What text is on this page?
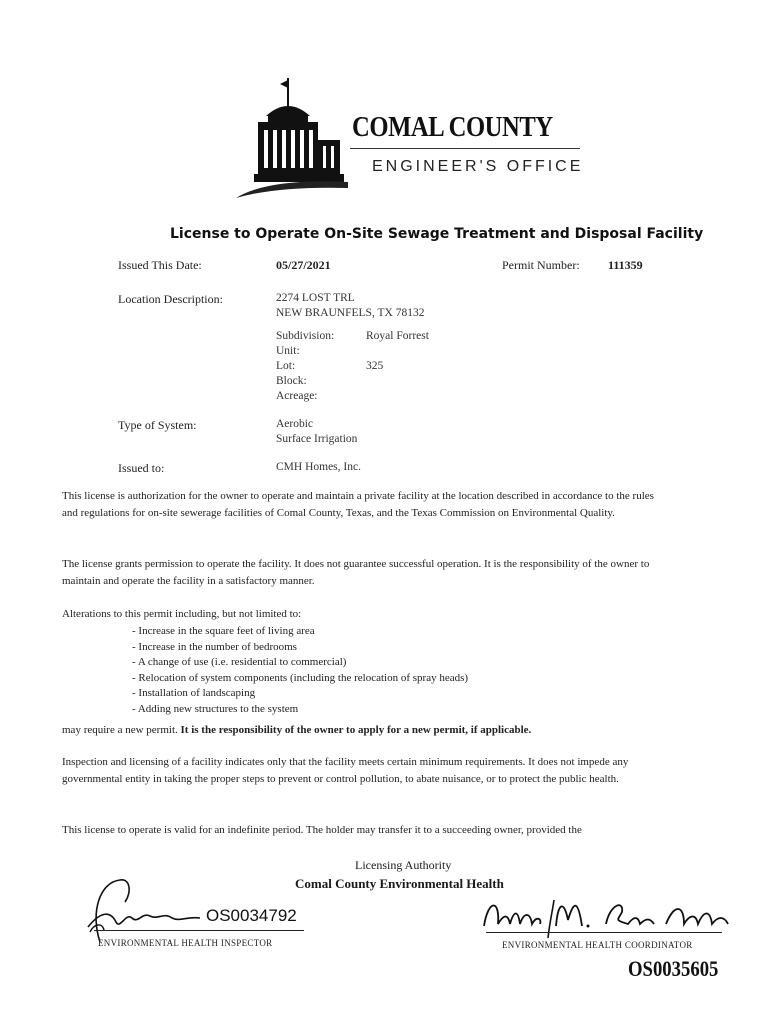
COMAL COUNTY
ENGINEER'S OFFICE
License to Operate On-Site Sewage Treatment and Disposal Facility
Issued This Date:	05/27/2021	Permit Number: 111359
Location Description:	2274 LOST TRL
NEW BRAUNFELS, TX 78132
Subdivision:	Royal Forrest
Unit:
Lot:	325
Block:
Acreage:
Type of System:	Aerobic
Surface Irrigation
Issued to:	CMH Homes, Inc.
This license is authorization for the owner to operate and maintain a private facility at the location described in accordance to the rules and regulations for on-site sewerage facilities of Comal County, Texas, and the Texas Commission on Environmental Quality.
The license grants permission to operate the facility. It does not guarantee successful operation. It is the responsibility of the owner to maintain and operate the facility in a satisfactory manner.
Alterations to this permit including, but not limited to:
- Increase in the square feet of living area
- Increase in the number of bedrooms
- A change of use (i.e. residential to commercial)
- Relocation of system components (including the relocation of spray heads)
- Installation of landscaping
- Adding new structures to the system
may require a new permit. It is the responsibility of the owner to apply for a new permit, if applicable.
Inspection and licensing of a facility indicates only that the facility meets certain minimum requirements. It does not impede any governmental entity in taking the proper steps to prevent or control pollution, to abate nuisance, or to protect the public health.
This license to operate is valid for an indefinite period. The holder may transfer it to a succeeding owner, provided the
Licensing Authority
Comal County Environmental Health
OS0034792
ENVIRONMENTAL HEALTH INSPECTOR	ENVIRONMENTAL HEALTH COORDINATOR
OS0035605
